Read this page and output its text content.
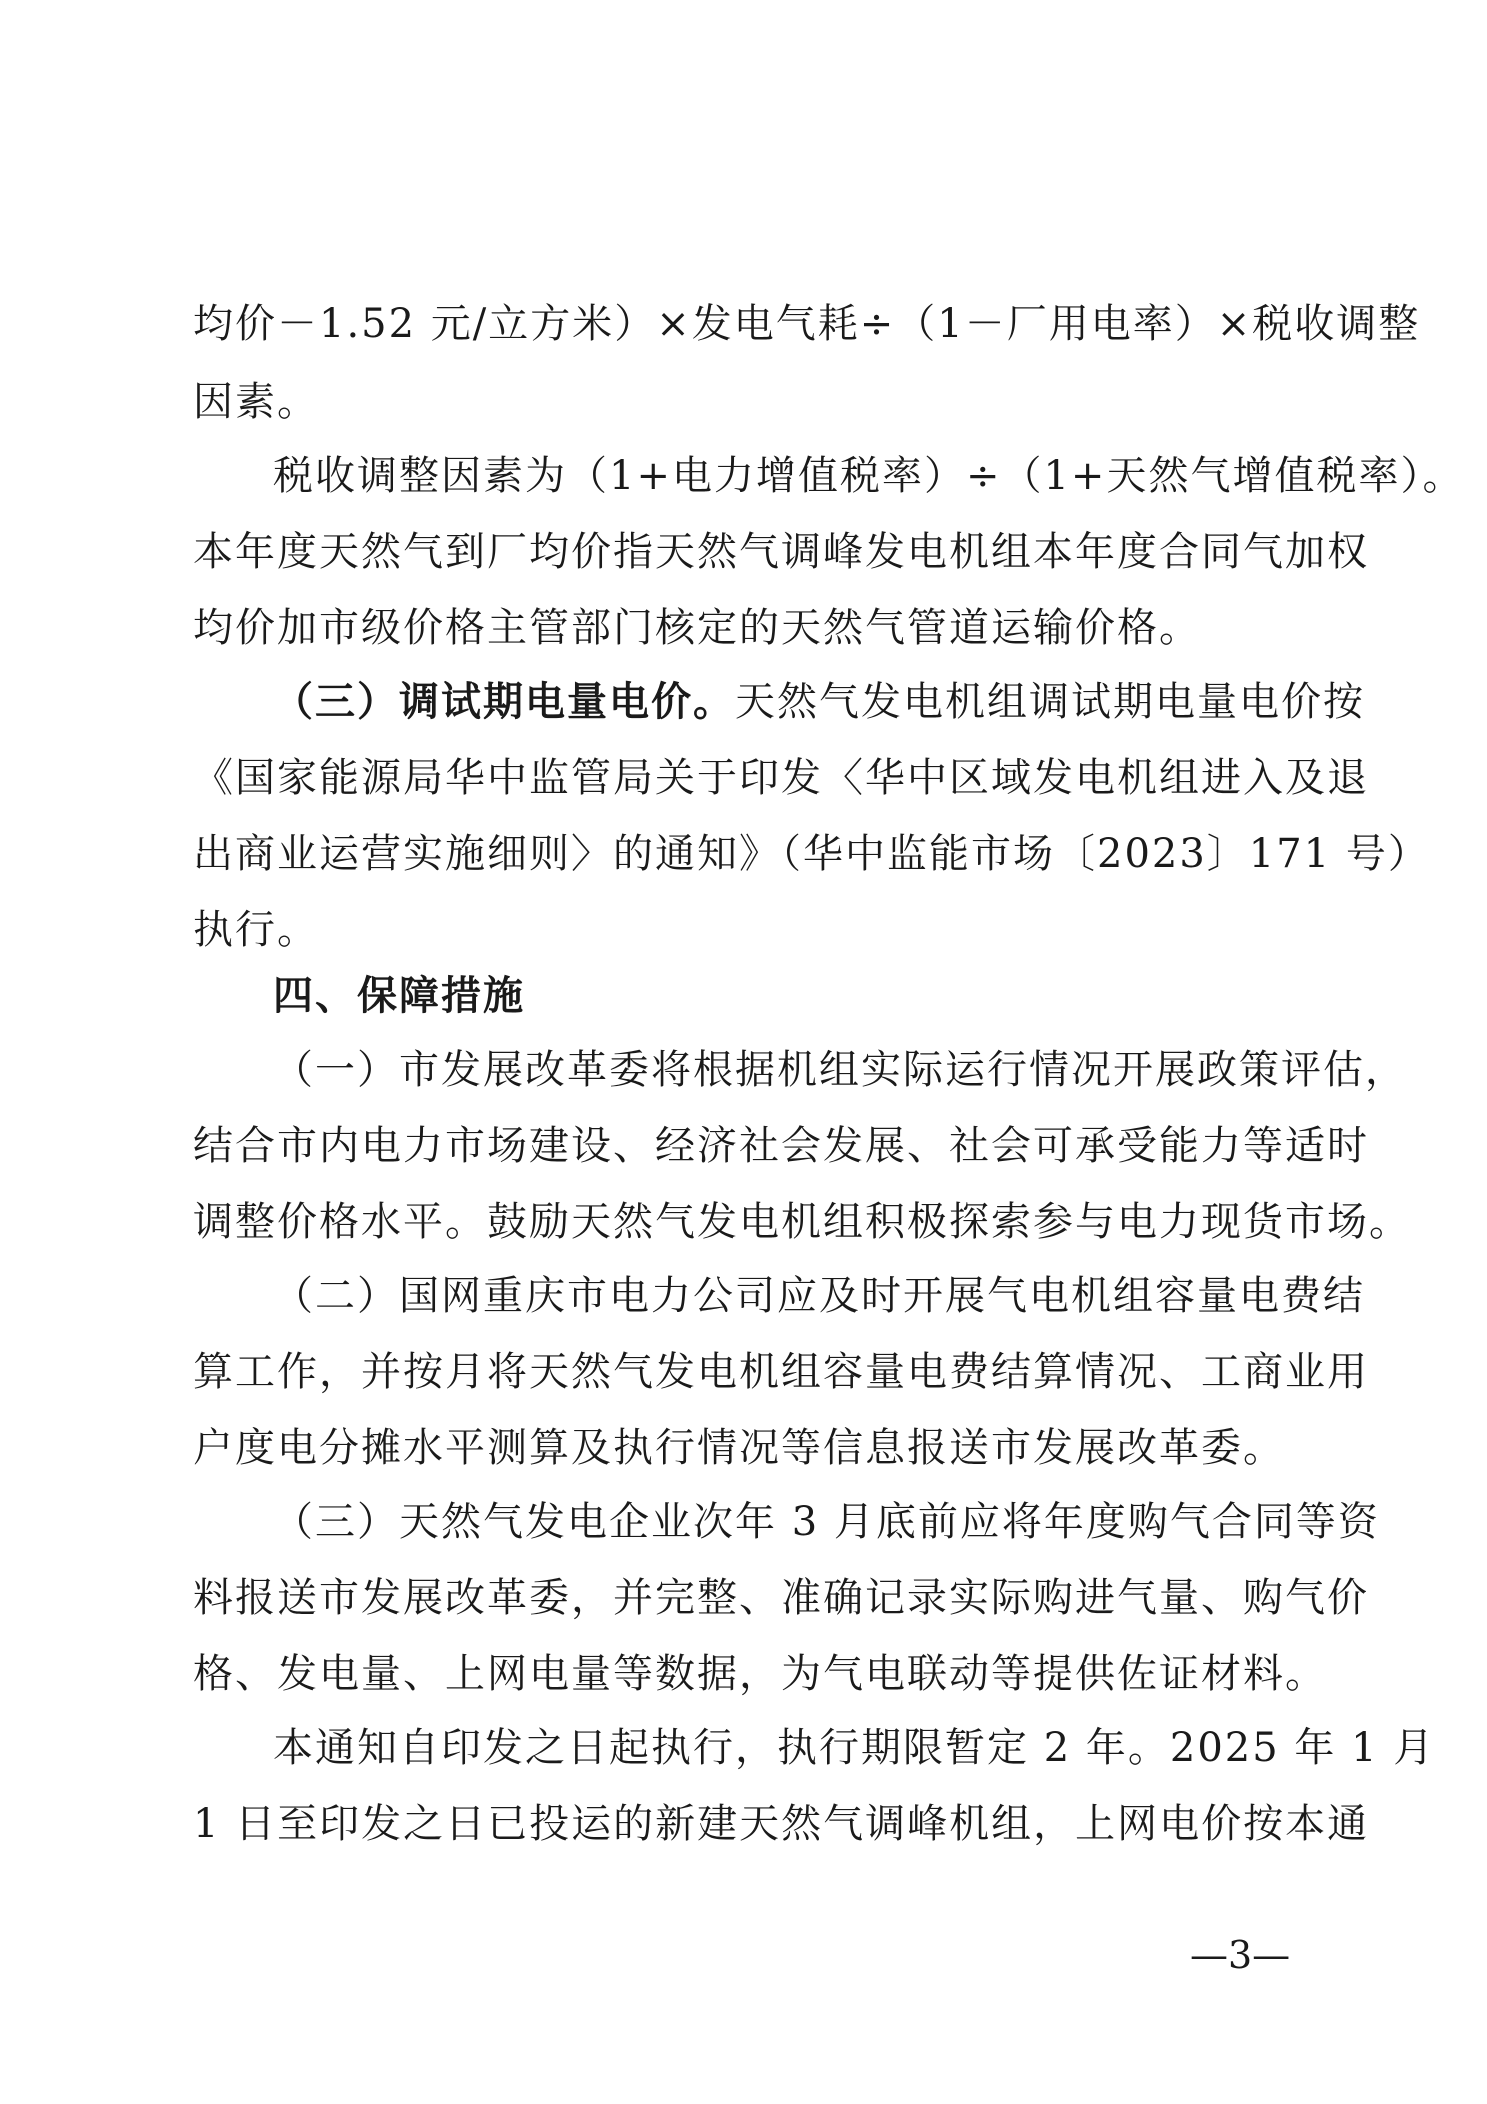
均价－1.52 元/立方米）×发电气耗÷（1－厂用电率）×税收调整
因素。
税收调整因素为（1+电力增值税率）÷（1+天然气增值税率）。
本年度天然气到厂均价指天然气调峰发电机组本年度合同气加权
均价加市级价格主管部门核定的天然气管道运输价格。
（三）调试期电量电价。天然气发电机组调试期电量电价按
《国家能源局华中监管局关于印发〈华中区域发电机组进入及退
出商业运营实施细则〉的通知》（华中监能市场〔2023〕171 号）
执行。
四、保障措施
（一）市发展改革委将根据机组实际运行情况开展政策评估，
结合市内电力市场建设、经济社会发展、社会可承受能力等适时
调整价格水平。鼓励天然气发电机组积极探索参与电力现货市场。
（二）国网重庆市电力公司应及时开展气电机组容量电费结
算工作，并按月将天然气发电机组容量电费结算情况、工商业用
户度电分摊水平测算及执行情况等信息报送市发展改革委。
（三）天然气发电企业次年 3 月底前应将年度购气合同等资
料报送市发展改革委，并完整、准确记录实际购进气量、购气价
格、发电量、上网电量等数据，为气电联动等提供佐证材料。
本通知自印发之日起执行，执行期限暂定 2 年。2025 年 1 月
1 日至印发之日已投运的新建天然气调峰机组，上网电价按本通
—3—
